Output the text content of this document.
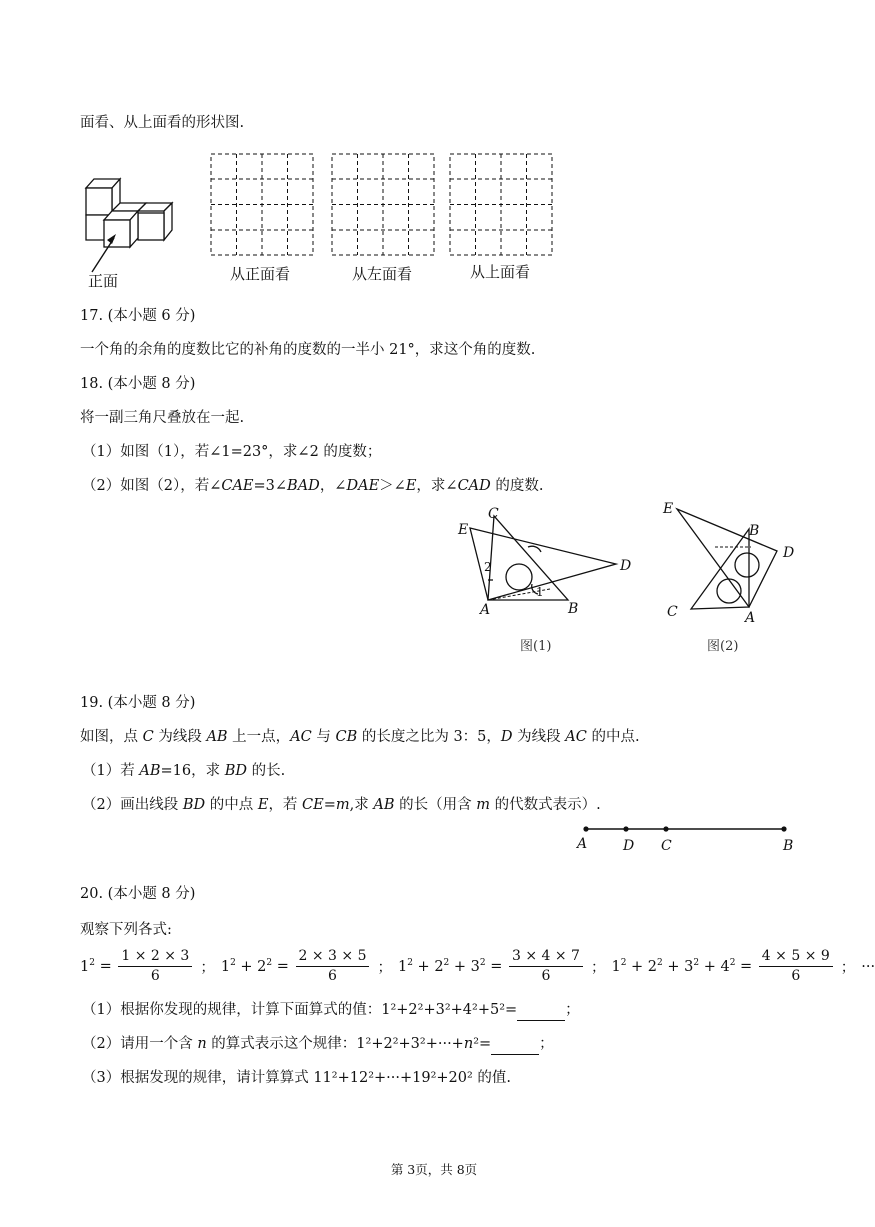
面看、从上面看的形状图.
正面	从正面看	从左面看	从上面看
17. (本小题 6 分)
一个角的余角的度数比它的补角的度数的一半小 21°，求这个角的度数.
18. (本小题 8 分)
将一副三角尺叠放在一起.
（1）如图（1），若∠1=23°，求∠2 的度数；
（2）如图（2），若∠CAE=3∠BAD，∠DAE＞∠E，求∠CAD 的度数.
C
E
D
A	B
1
2
图(1)
E
B
D
C	A
图(2)
19. (本小题 8 分)
如图，点 C 为线段 AB 上一点，AC 与 CB 的长度之比为 3：5，D 为线段 AC 的中点.
（1）若 AB=16，求 BD 的长.
（2）画出线段 BD 的中点 E，若 CE=m,求 AB 的长（用含 m 的代数式表示）.
A	D C	B
20. (本小题 8 分)
观察下列各式:
$1^2 = \frac{1 \times 2 \times 3}{6}$ ； $1^2 + 2^2 = \frac{2 \times 3 \times 5}{6}$ ； $1^2 + 2^2 + 3^2 = \frac{3 \times 4 \times 7}{6}$ ； $1^2 + 2^2 + 3^2 + 4^2 = \frac{4 \times 5 \times 9}{6}$ ； ···
（1）根据你发现的规律，计算下面算式的值：1²+2²+3²+4²+5²=	；
（2）请用一个含 n 的算式表示这个规律：1²+2²+3²+···+n²=	；
（3）根据发现的规律，请计算算式 11²+12²+···+19²+20² 的值.
第 3页，共 8页
